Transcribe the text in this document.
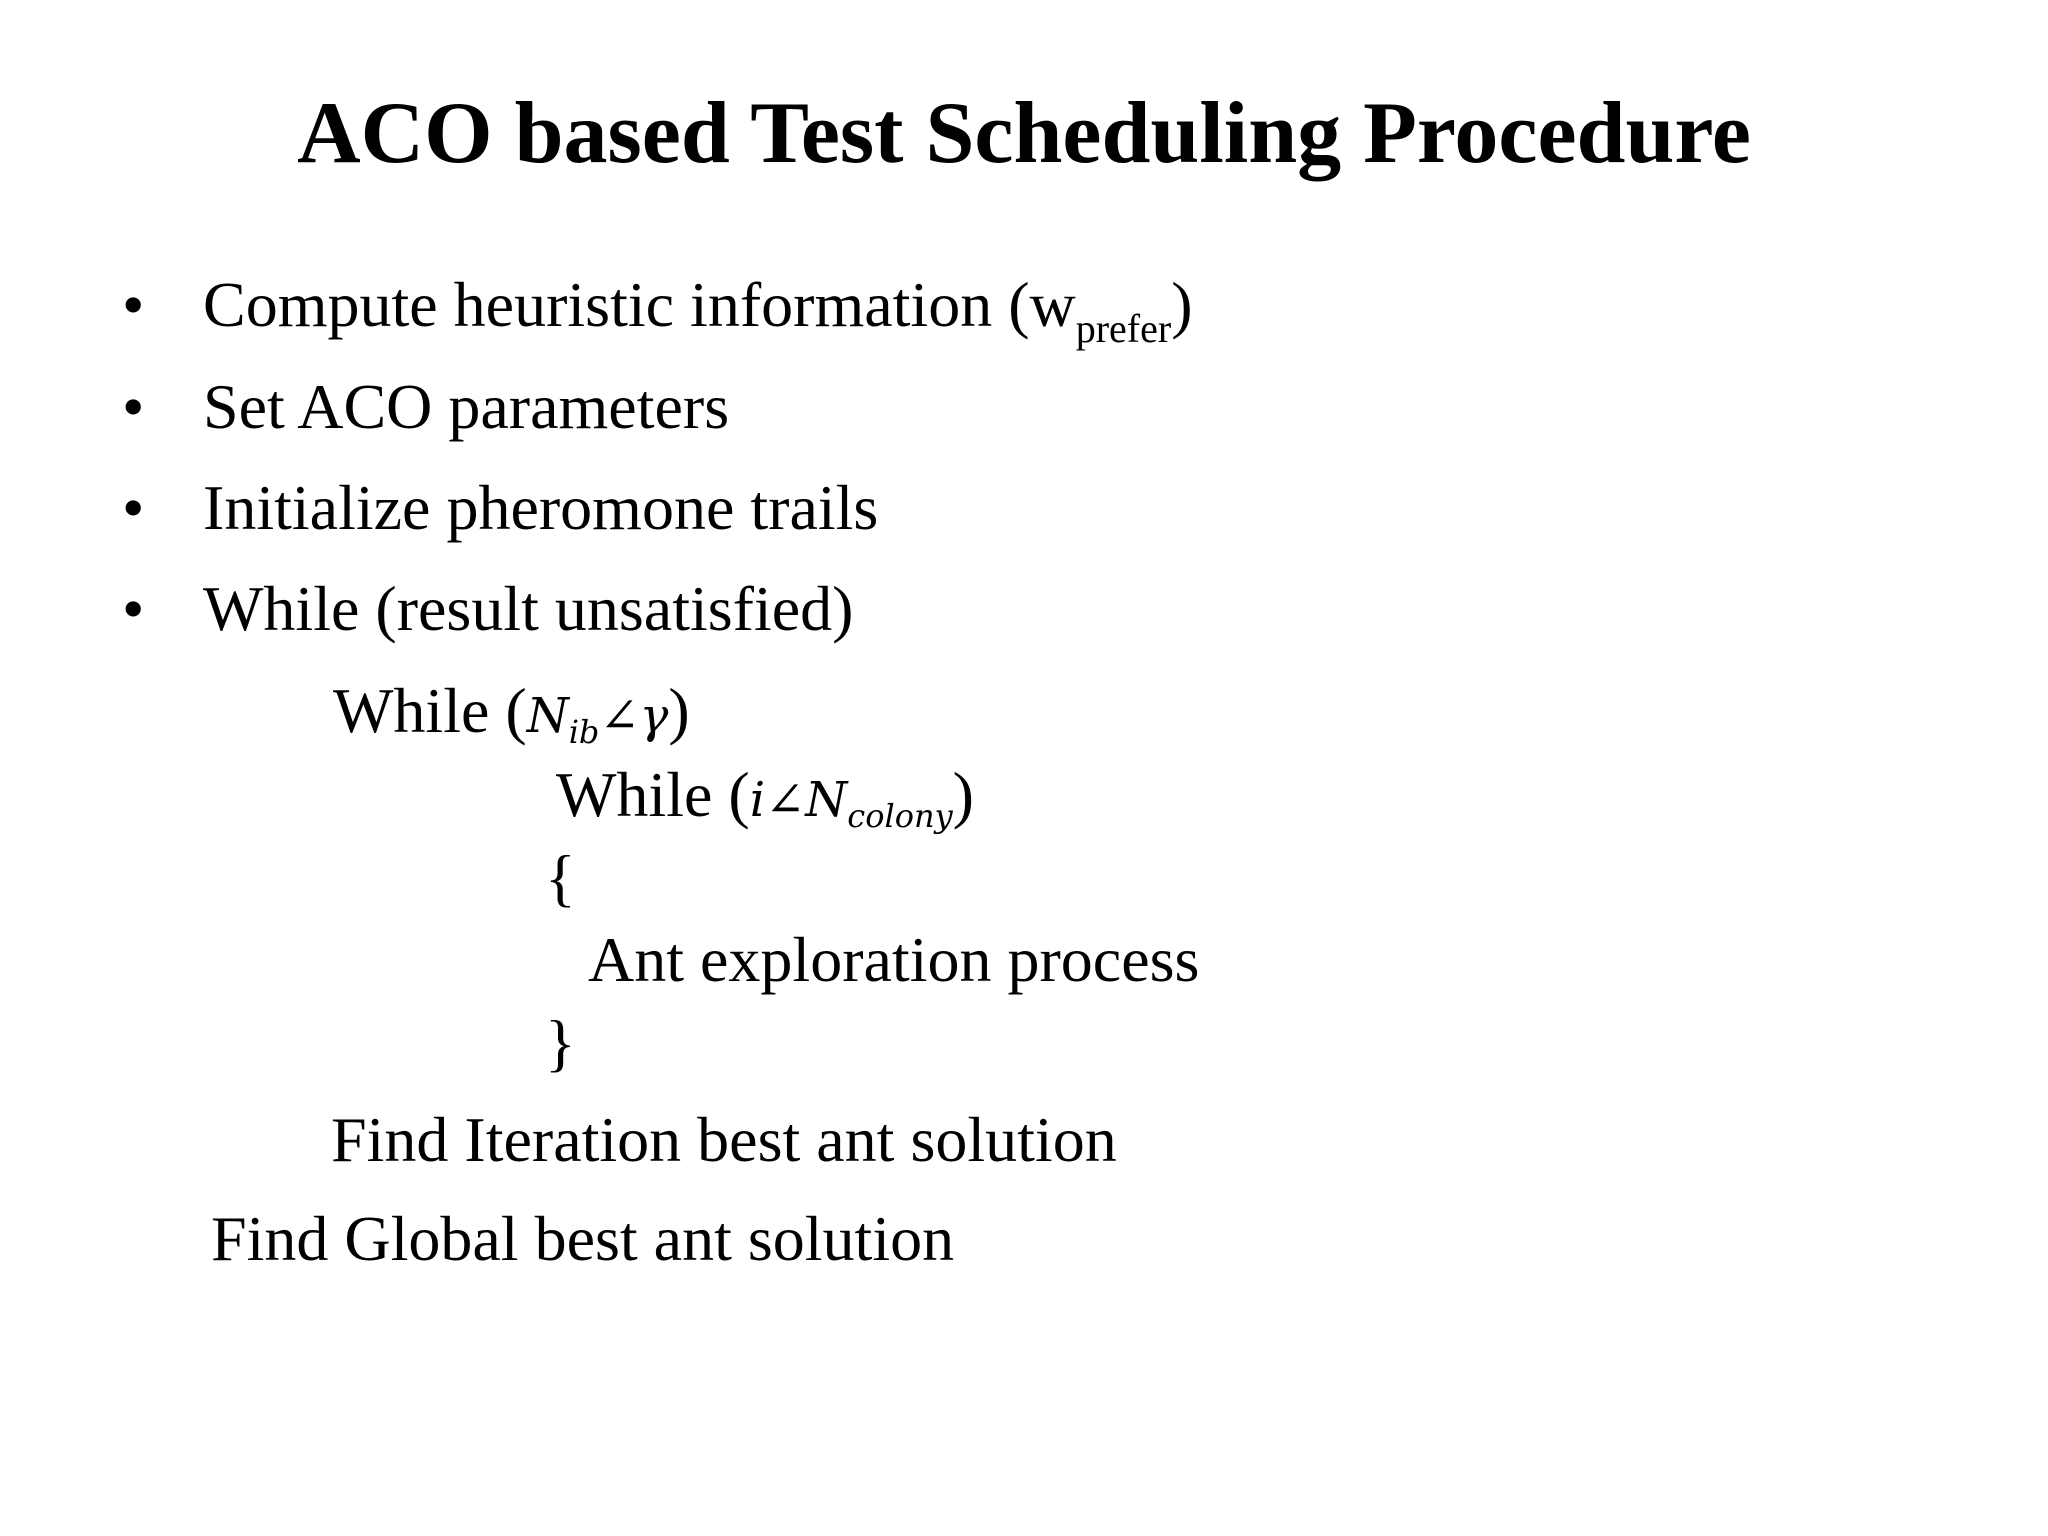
ACO based Test Scheduling Procedure
• Compute heuristic information $(w_{prefer})$
• Set ACO parameters
• Initialize pheromone trails
• While (result unsatisfied)
While $(N_{ib}\angle\gamma)$
While $(i\angle N_{colony})$
{
Ant exploration process
}
Find Iteration best ant solution
Find Global best ant solution
